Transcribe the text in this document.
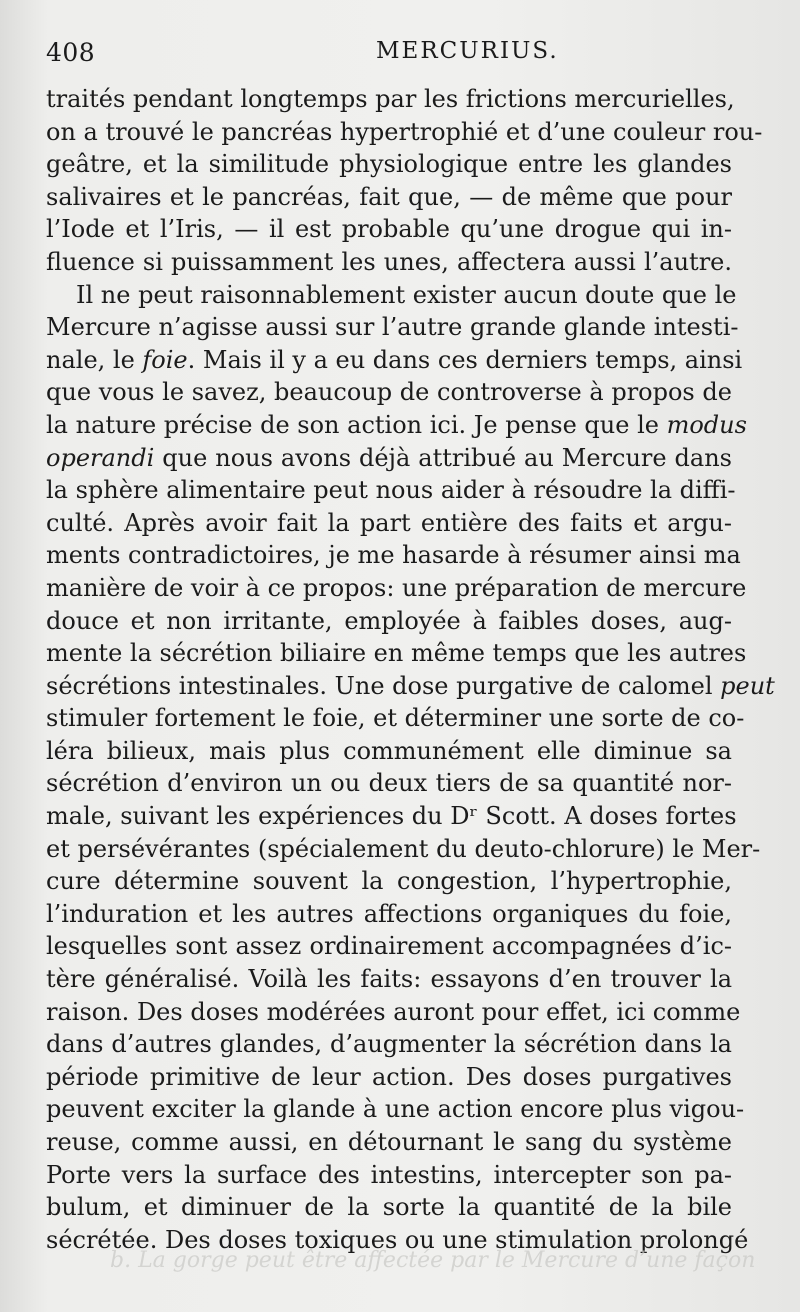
408	MERCURIUS.
traités pendant longtemps par les frictions mercurielles,
on a trouvé le pancréas hypertrophié et d’une couleur rou-
geâtre, et la similitude physiologique entre les glandes
salivaires et le pancréas, fait que, — de même que pour
l’Iode et l’Iris, — il est probable qu’une drogue qui in-
fluence si puissamment les unes, affectera aussi l’autre.
Il ne peut raisonnablement exister aucun doute que le
Mercure n’agisse aussi sur l’autre grande glande intesti-
nale, le foie. Mais il y a eu dans ces derniers temps, ainsi
que vous le savez, beaucoup de controverse à propos de
la nature précise de son action ici. Je pense que le modus
operandi que nous avons déjà attribué au Mercure dans
la sphère alimentaire peut nous aider à résoudre la diffi-
culté. Après avoir fait la part entière des faits et argu-
ments contradictoires, je me hasarde à résumer ainsi ma
manière de voir à ce propos: une préparation de mercure
douce et non irritante, employée à faibles doses, aug-
mente la sécrétion biliaire en même temps que les autres
sécrétions intestinales. Une dose purgative de calomel peut
stimuler fortement le foie, et déterminer une sorte de co-
léra bilieux, mais plus communément elle diminue sa
sécrétion d’environ un ou deux tiers de sa quantité nor-
male, suivant les expériences du Dʳ Scott. A doses fortes
et persévérantes (spécialement du deuto-chlorure) le Mer-
cure détermine souvent la congestion, l’hypertrophie,
l’induration et les autres affections organiques du foie,
lesquelles sont assez ordinairement accompagnées d’ic-
tère généralisé. Voilà les faits: essayons d’en trouver la
raison. Des doses modérées auront pour effet, ici comme
dans d’autres glandes, d’augmenter la sécrétion dans la
période primitive de leur action. Des doses purgatives
peuvent exciter la glande à une action encore plus vigou-
reuse, comme aussi, en détournant le sang du système
Porte vers la surface des intestins, intercepter son pa-
bulum, et diminuer de la sorte la quantité de la bile
sécrétée. Des doses toxiques ou une stimulation prolongé
b. La gorge peut être affectée par le Mercure d’une façon
